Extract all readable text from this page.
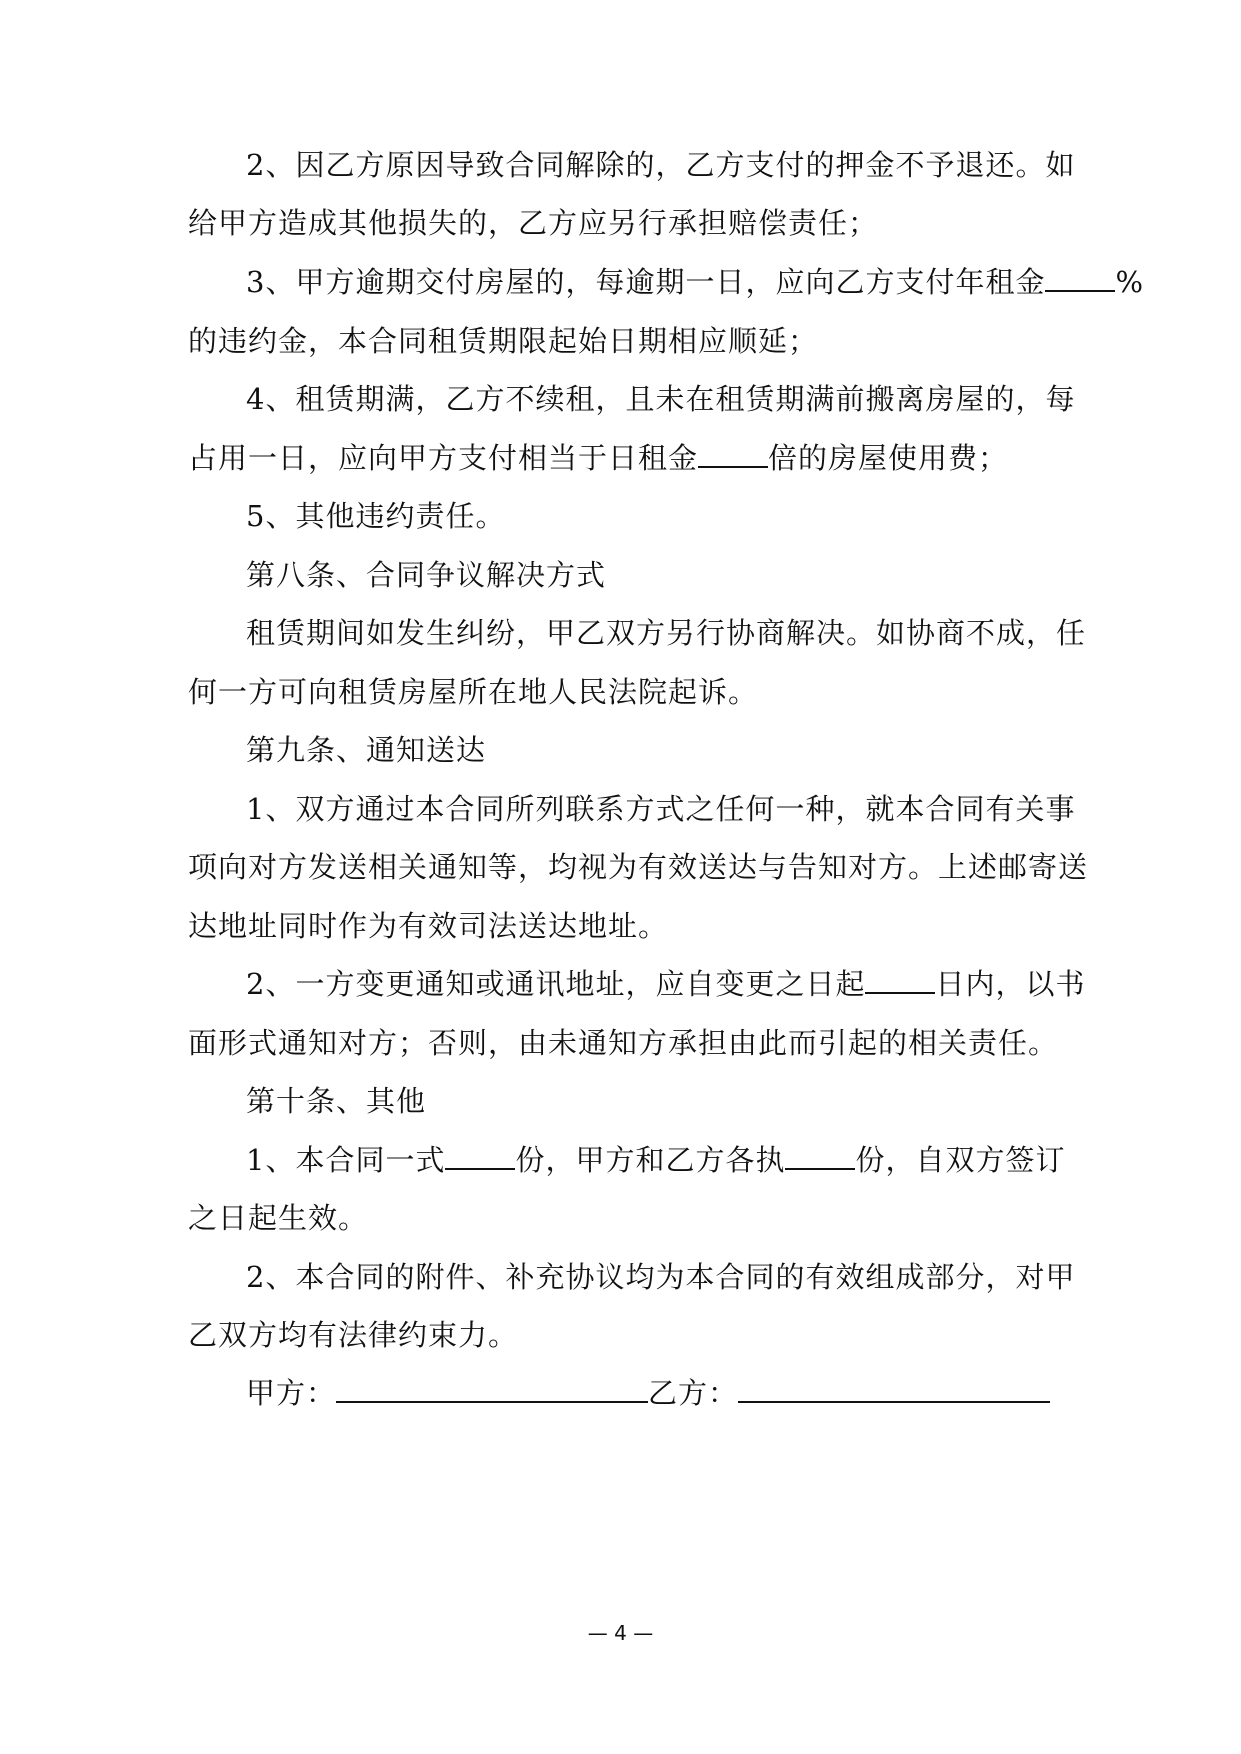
2、因乙方原因导致合同解除的，乙方支付的押金不予退还。如
给甲方造成其他损失的，乙方应另行承担赔偿责任；
3、甲方逾期交付房屋的，每逾期一日，应向乙方支付年租金 %
的违约金，本合同租赁期限起始日期相应顺延；
4、租赁期满，乙方不续租，且未在租赁期满前搬离房屋的，每
占用一日，应向甲方支付相当于日租金 倍的房屋使用费；
5、其他违约责任。
第八条、合同争议解决方式
租赁期间如发生纠纷，甲乙双方另行协商解决。如协商不成，任
何一方可向租赁房屋所在地人民法院起诉。
第九条、通知送达
1、双方通过本合同所列联系方式之任何一种，就本合同有关事
项向对方发送相关通知等，均视为有效送达与告知对方。上述邮寄送
达地址同时作为有效司法送达地址。
2、一方变更通知或通讯地址，应自变更之日起 日内，以书
面形式通知对方；否则，由未通知方承担由此而引起的相关责任。
第十条、其他
1、本合同一式 份，甲方和乙方各执 份，自双方签订
之日起生效。
2、本合同的附件、补充协议均为本合同的有效组成部分，对甲
乙双方均有法律约束力。
甲方：	乙方：
— 4 —
